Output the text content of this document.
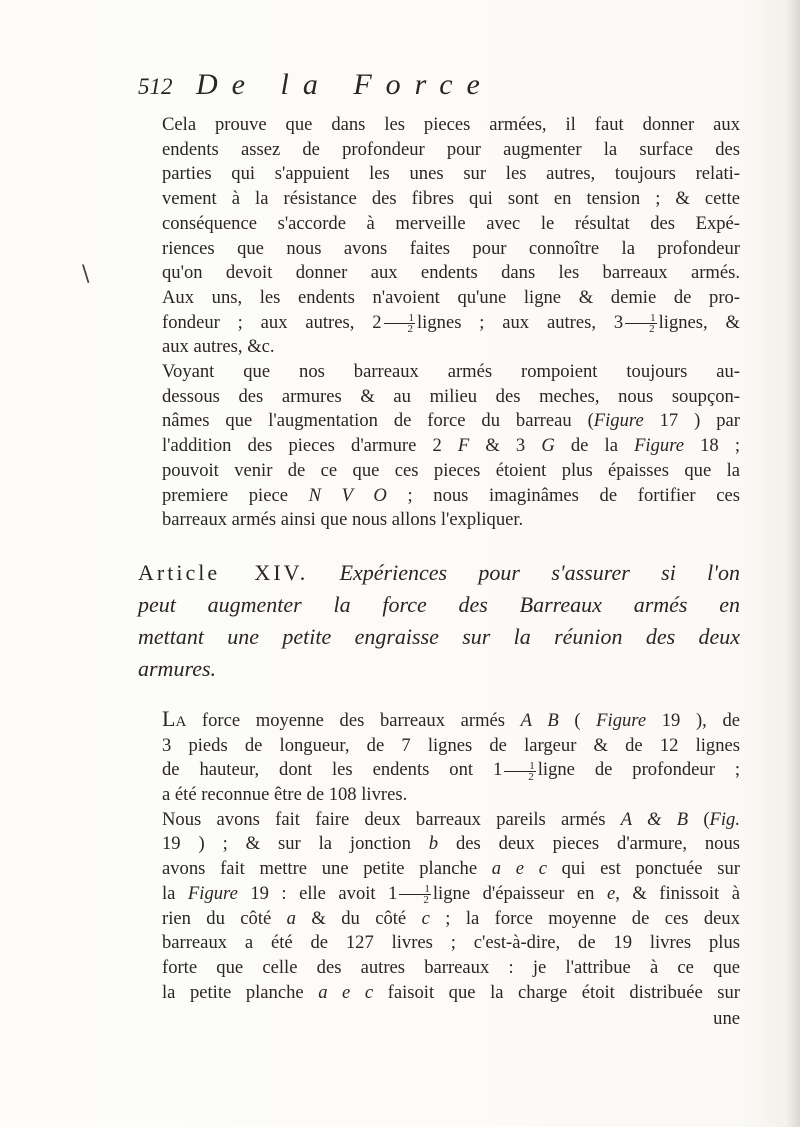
\
512 De la Force

Cela prouve que dans les pieces armées, il faut donner aux
endents assez de profondeur pour augmenter la surface des
parties qui s'appuient les unes sur les autres, toujours relati-
vement à la résistance des fibres qui sont en tension ; & cette
conséquence s'accorde à merveille avec le résultat des Expé-
riences que nous avons faites pour connoître la profondeur
qu'on devoit donner aux endents dans les barreaux armés.
Aux uns, les endents n'avoient qu'une ligne & demie de pro-
fondeur ; aux autres, $2 \frac{1}{2}$ lignes ; aux autres, $3 \frac{1}{2}$ lignes, &
aux autres, &c.

Voyant que nos barreaux armés rompoient toujours au-
dessous des armures & au milieu des meches, nous soupçon-
nâmes que l'augmentation de force du barreau (Figure 17 ) par
l'addition des pieces d'armure 2 F & 3 G de la Figure 18 ;
pouvoit venir de ce que ces pieces étoient plus épaisses que la
premiere piece N V O ; nous imaginâmes de fortifier ces
barreaux armés ainsi que nous allons l'expliquer.

Article XIV. Expériences pour s'assurer si l'on
peut augmenter la force des Barreaux armés en
mettant une petite engraisse sur la réunion des deux
armures.

La force moyenne des barreaux armés A B ( Figure 19 ), de
3 pieds de longueur, de 7 lignes de largeur & de 12 lignes
de hauteur, dont les endents ont $1 \frac{1}{2}$ ligne de profondeur ;
a été reconnue être de 108 livres.

Nous avons fait faire deux barreaux pareils armés A & B (Fig.
19 ) ; & sur la jonction b des deux pieces d'armure, nous
avons fait mettre une petite planche a e c qui est ponctuée sur
la Figure 19 : elle avoit $1 \frac{1}{2}$ ligne d'épaisseur en e, & finissoit à
rien du côté a & du côté c ; la force moyenne de ces deux
barreaux a été de 127 livres ; c'est-à-dire, de 19 livres plus
forte que celle des autres barreaux : je l'attribue à ce que
la petite planche a e c faisoit que la charge étoit distribuée sur

une
